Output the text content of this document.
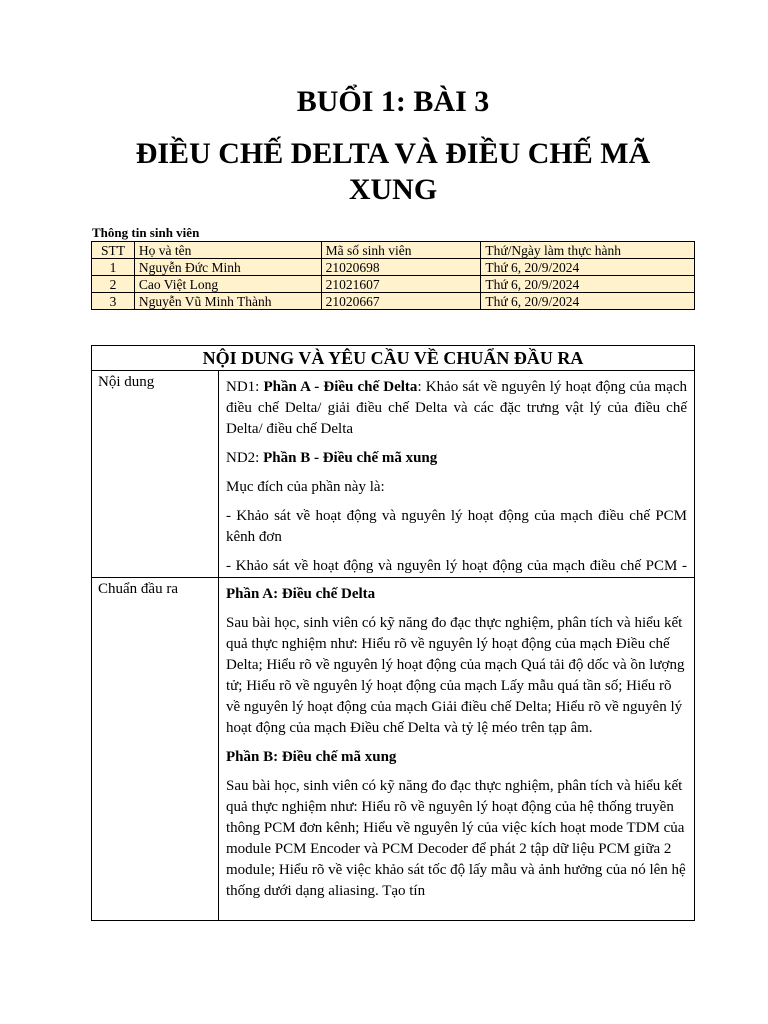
BUỔI 1: BÀI 3
ĐIỀU CHẾ DELTA VÀ ĐIỀU CHẾ MÃ XUNG
Thông tin sinh viên
STT	Họ và tên	Mã số sinh viên	Thứ/Ngày làm thực hành
1	Nguyễn Đức Minh	21020698	Thứ 6, 20/9/2024
2	Cao Việt Long	21021607	Thứ 6, 20/9/2024
3	Nguyễn Vũ Minh Thành	21020667	Thứ 6, 20/9/2024
NỘI DUNG VÀ YÊU CẦU VỀ CHUẨN ĐẦU RA	
Nội dung	ND1: Phần A - Điều chế Delta: Khảo sát về nguyên lý hoạt động của mạch điều chế Delta/ giải điều chế Delta và các đặc trưng vật lý của điều chế Delta/ điều chế Delta

ND2: Phần B - Điều chế mã xung

Mục đích của phần này là:

- Khảo sát về hoạt động và nguyên lý hoạt động của mạch điều chế PCM kênh đơn

- Khảo sát về hoạt động và nguyên lý hoạt động của mạch điều chế PCM -

Chuẩn đầu ra	Phần A: Điều chế Delta

Sau bài học, sinh viên có kỹ năng đo đạc thực nghiệm, phân tích và hiểu kết quả thực nghiệm như: Hiểu rõ về nguyên lý hoạt động của mạch Điều chế Delta; Hiểu rõ về nguyên lý hoạt động của mạch Quá tải độ dốc và ồn lượng tử; Hiểu rõ về nguyên lý hoạt động của mạch Lấy mẫu quá tần số; Hiểu rõ về nguyên lý hoạt động của mạch Giải điều chế Delta; Hiểu rõ về nguyên lý hoạt động của mạch Điều chế Delta và tỷ lệ méo trên tạp âm.

Phần B: Điều chế mã xung

Sau bài học, sinh viên có kỹ năng đo đạc thực nghiệm, phân tích và hiểu kết quả thực nghiệm như: Hiểu rõ về nguyên lý hoạt động của hệ thống truyền thông PCM đơn kênh; Hiểu về nguyên lý của việc kích hoạt mode TDM của module PCM Encoder và PCM Decoder để phát 2 tập dữ liệu PCM giữa 2 module; Hiểu rõ về việc khảo sát tốc độ lấy mẫu và ảnh hưởng của nó lên hệ thống dưới dạng aliasing. Tạo tín
